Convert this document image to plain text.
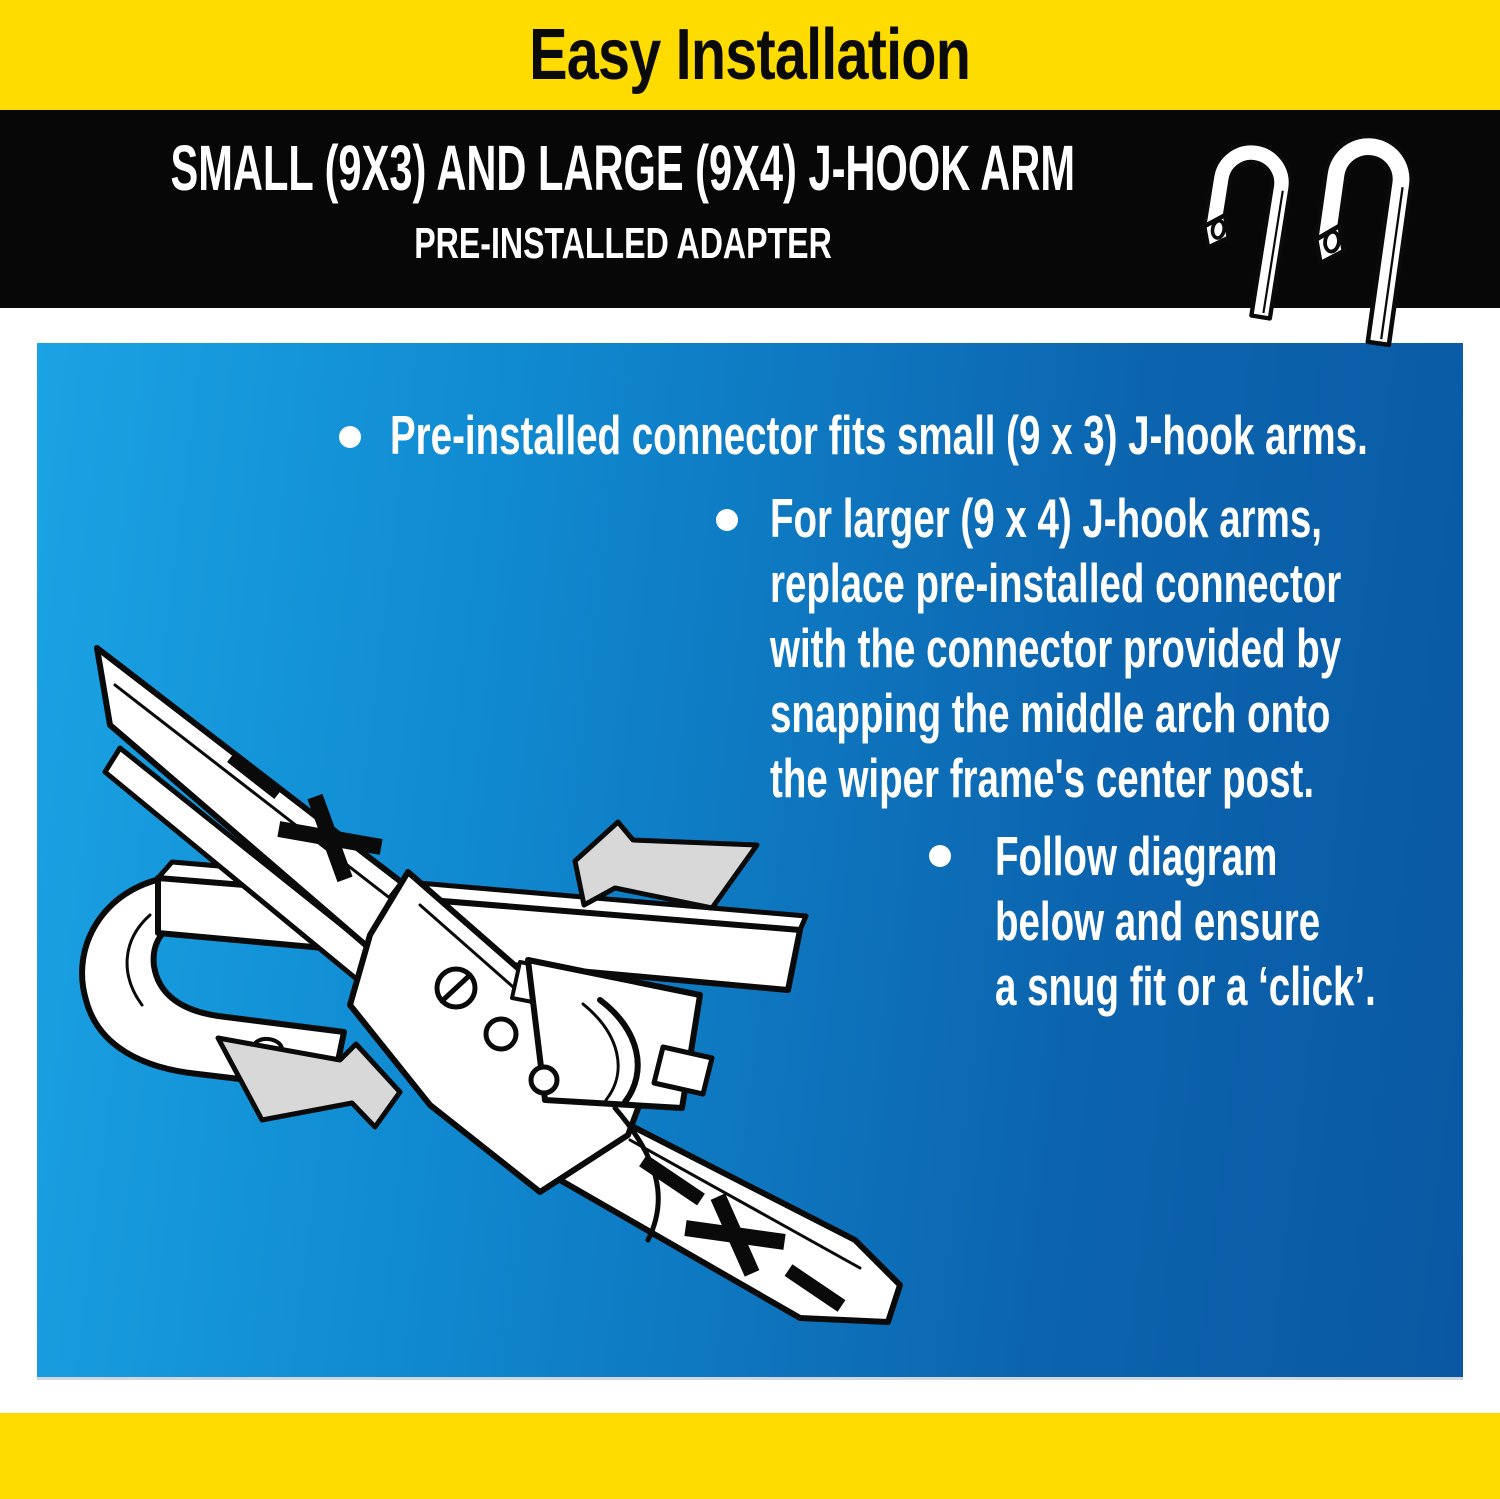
Easy Installation
SMALL (9X3) AND LARGE (9X4) J-HOOK ARM
PRE-INSTALLED ADAPTER
Pre-installed connector fits small (9 x 3) J-hook arms.
For larger (9 x 4) J-hook arms,
replace pre-installed connector
with the connector provided by
snapping the middle arch onto
the wiper frame's center post.
Follow diagram
below and ensure
a snug fit or a ‘click’.
